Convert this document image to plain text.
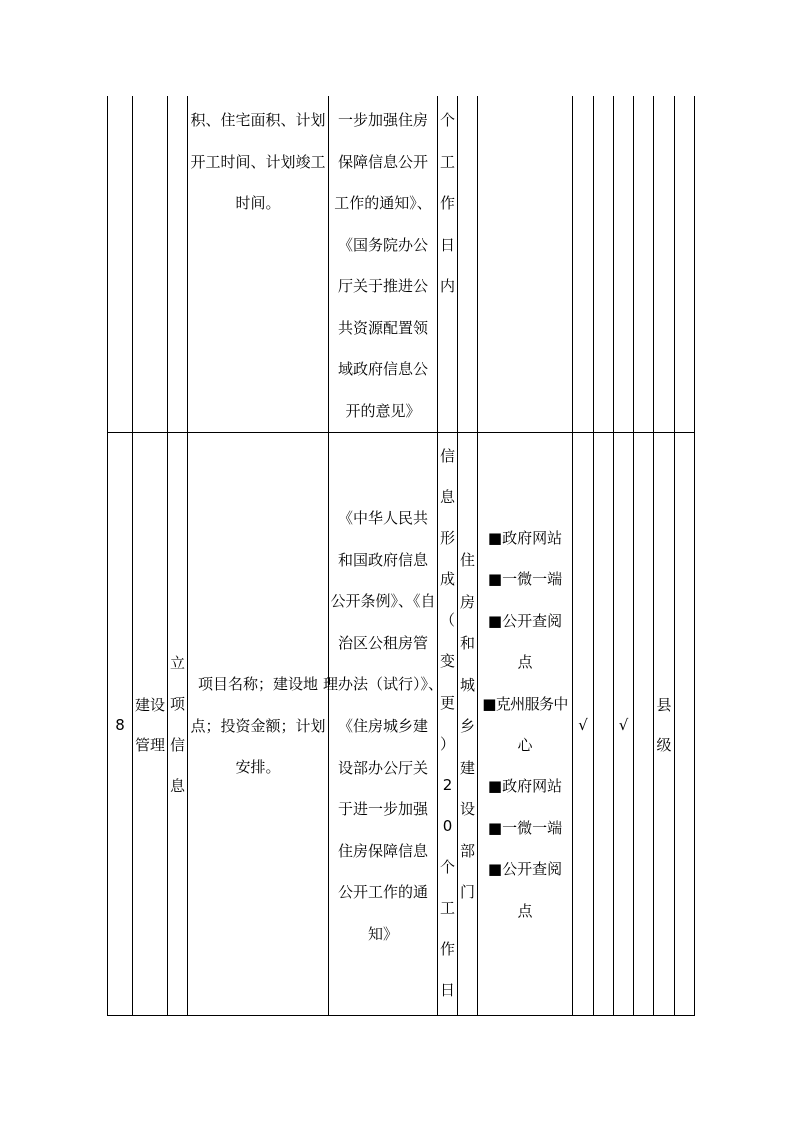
积、住宅面积、计划
开工时间、计划竣工
时间。
一步加强住房
保障信息公开
工作的通知》、
《国务院办公
厅关于推进公
共资源配置领
域政府信息公
开的意见》
个
工
作
日
内
8
建设
管理
立
项
信
息
项目名称；建设地
点；投资金额；计划
安排。
《中华人民共
和国政府信息
公开条例》、《自
治区公租房管
理办法（试行）》、
《住房城乡建
设部办公厅关
于进一步加强
住房保障信息
公开工作的通
知》
信
息
形
成
（
变
更
）
2
0
个
工
作
日
住
房
和
城
乡
建
设
部
门
■政府网站
■一微一端
■公开查阅
点
■克州服务中
心
■政府网站
■一微一端
■公开查阅
点
√ √
县
级
